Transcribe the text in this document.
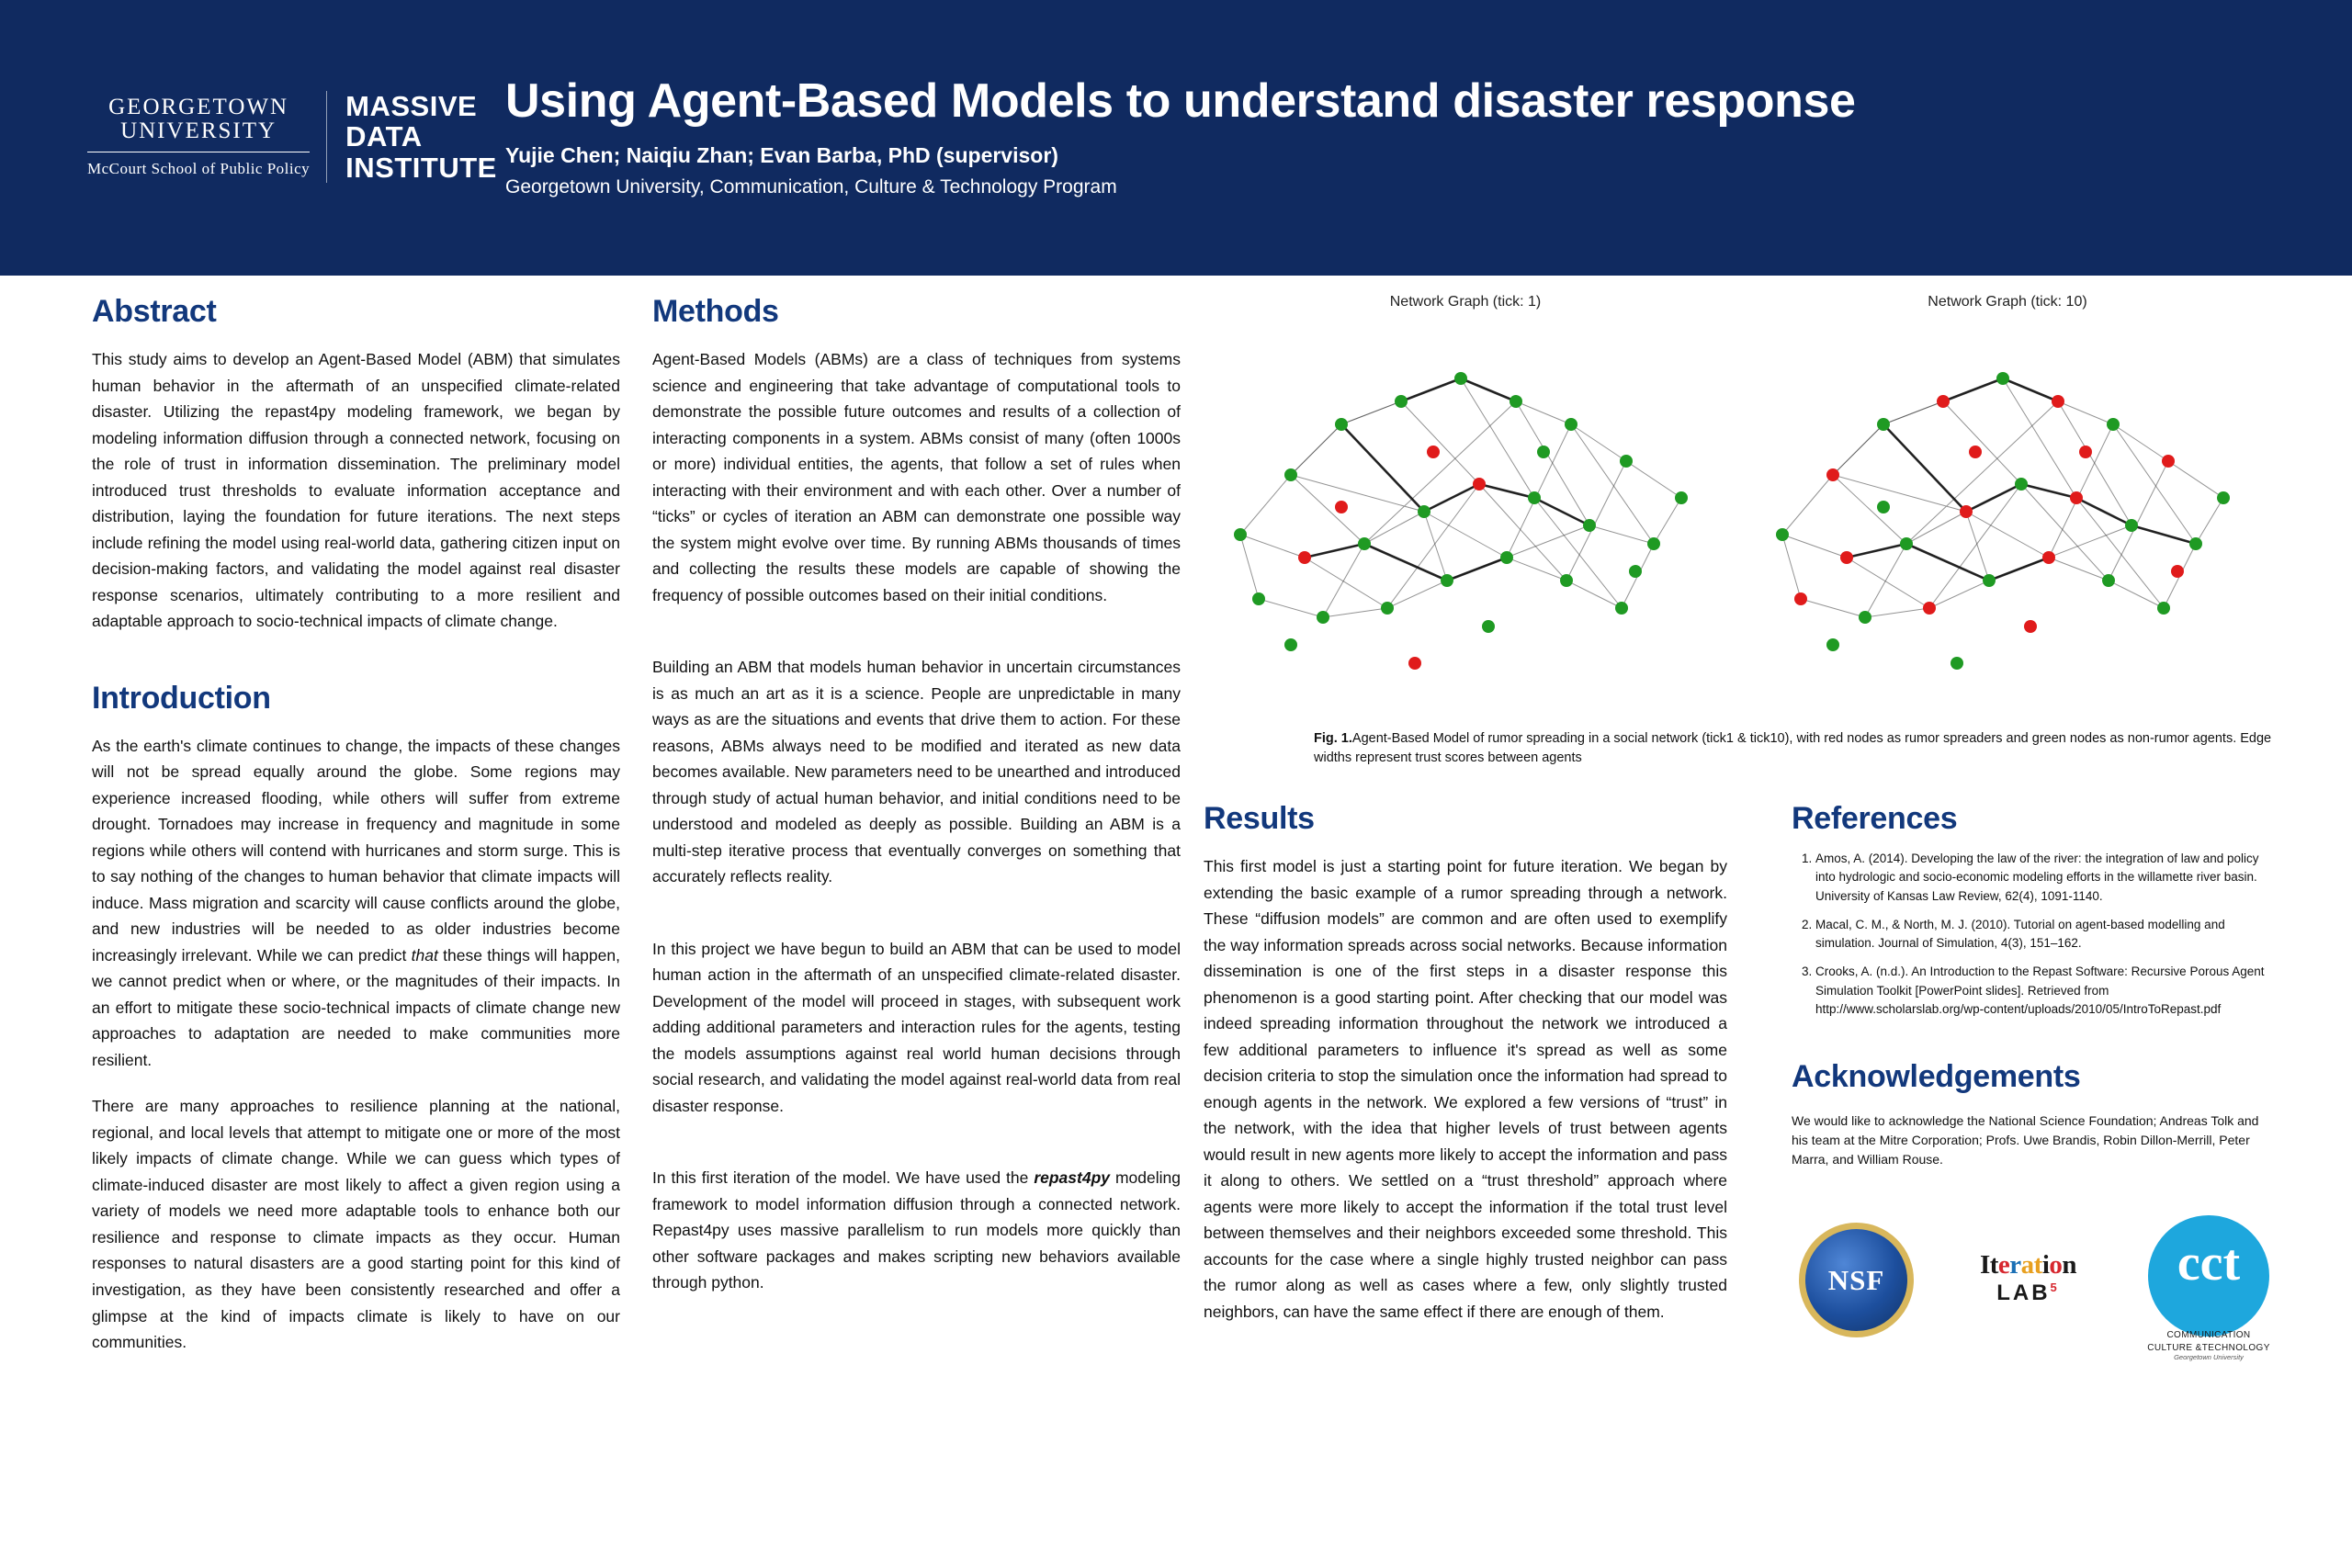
GEORGETOWN
UNIVERSITY
McCourt School of Public Policy
MASSIVE
DATA
INSTITUTE
Using Agent-Based Models to understand disaster response
Yujie Chen; Naiqiu Zhan; Evan Barba, PhD (supervisor)
Georgetown University, Communication, Culture & Technology Program
Abstract

This study aims to develop an Agent-Based Model (ABM) that simulates human behavior in the aftermath of an unspecified climate-related disaster. Utilizing the repast4py modeling framework, we began by modeling information diffusion through a connected network, focusing on the role of trust in information dissemination. The preliminary model introduced trust thresholds to evaluate information acceptance and distribution, laying the foundation for future iterations. The next steps include refining the model using real-world data, gathering citizen input on decision-making factors, and validating the model against real disaster response scenarios, ultimately contributing to a more resilient and adaptable approach to socio-technical impacts of climate change.

Introduction

As the earth's climate continues to change, the impacts of these changes will not be spread equally around the globe. Some regions may experience increased flooding, while others will suffer from extreme drought. Tornadoes may increase in frequency and magnitude in some regions while others will contend with hurricanes and storm surge. This is to say nothing of the changes to human behavior that climate impacts will induce. Mass migration and scarcity will cause conflicts around the globe, and new industries will be needed to as older industries become increasingly irrelevant. While we can predict that these things will happen, we cannot predict when or where, or the magnitudes of their impacts. In an effort to mitigate these socio-technical impacts of climate change new approaches to adaptation are needed to make communities more resilient.

There are many approaches to resilience planning at the national, regional, and local levels that attempt to mitigate one or more of the most likely impacts of climate change. While we can guess which types of climate-induced disaster are most likely to affect a given region using a variety of models we need more adaptable tools to enhance both our resilience and response to climate impacts as they occur. Human responses to natural disasters are a good starting point for this kind of investigation, as they have been consistently researched and offer a glimpse at the kind of impacts climate is likely to have on our communities.

Methods

Agent-Based Models (ABMs) are a class of techniques from systems science and engineering that take advantage of computational tools to demonstrate the possible future outcomes and results of a collection of interacting components in a system. ABMs consist of many (often 1000s or more) individual entities, the agents, that follow a set of rules when interacting with their environment and with each other. Over a number of “ticks” or cycles of iteration an ABM can demonstrate one possible way the system might evolve over time. By running ABMs thousands of times and collecting the results these models are capable of showing the frequency of possible outcomes based on their initial conditions.

Building an ABM that models human behavior in uncertain circumstances is as much an art as it is a science. People are unpredictable in many ways as are the situations and events that drive them to action. For these reasons, ABMs always need to be modified and iterated as new data becomes available. New parameters need to be unearthed and introduced through study of actual human behavior, and initial conditions need to be understood and modeled as deeply as possible. Building an ABM is a multi-step iterative process that eventually converges on something that accurately reflects reality.

In this project we have begun to build an ABM that can be used to model human action in the aftermath of an unspecified climate-related disaster. Development of the model will proceed in stages, with subsequent work adding additional parameters and interaction rules for the agents, testing the models assumptions against real world human decisions through social research, and validating the model against real-world data from real disaster response.

In this first iteration of the model. We have used the repast4py modeling framework to model information diffusion through a connected network. Repast4py uses massive parallelism to run models more quickly than other software packages and makes scripting new behaviors available through python.

Network Graph (tick: 1)	Network Graph (tick: 10)

Fig. 1.Agent-Based Model of rumor spreading in a social network (tick1 & tick10), with red nodes as rumor spreaders and green nodes as non-rumor agents. Edge widths represent trust scores between agents

Results

This first model is just a starting point for future iteration. We began by extending the basic example of a rumor spreading through a network. These “diffusion models” are common and are often used to exemplify the way information spreads across social networks. Because information dissemination is one of the first steps in a disaster response this phenomenon is a good starting point. After checking that our model was indeed spreading information throughout the network we introduced a few additional parameters to influence it's spread as well as some decision criteria to stop the simulation once the information had spread to enough agents in the network. We explored a few versions of “trust” in the network, with the idea that higher levels of trust between agents would result in new agents more likely to accept the information and pass it along to others. We settled on a “trust threshold” approach where agents were more likely to accept the information if the total trust level between themselves and their neighbors exceeded some threshold. This accounts for the case where a single highly trusted neighbor can pass the rumor along as well as cases where a few, only slightly trusted neighbors, can have the same effect if there are enough of them.

References
1. Amos, A. (2014). Developing the law of the river: the integration of law and policy into hydrologic and socio-economic modeling efforts in the willamette river basin. University of Kansas Law Review, 62(4), 1091-1140.
2. Macal, C. M., & North, M. J. (2010). Tutorial on agent-based modelling and simulation. Journal of Simulation, 4(3), 151–162.
3. Crooks, A. (n.d.). An Introduction to the Repast Software: Recursive Porous Agent Simulation Toolkit [PowerPoint slides]. Retrieved from http://www.scholarslab.org/wp-content/uploads/2010/05/IntroToRepast.pdf
Acknowledgements

We would like to acknowledge the National Science Foundation; Andreas Tolk and his team at the Mitre Corporation; Profs. Uwe Brandis, Robin Dillon-Merrill, Peter Marra, and William Rouse.

NSF	Iteration
LAB$^5$	cct
COMMUNICATION
CULTURE &TECHNOLOGY
Georgetown University
